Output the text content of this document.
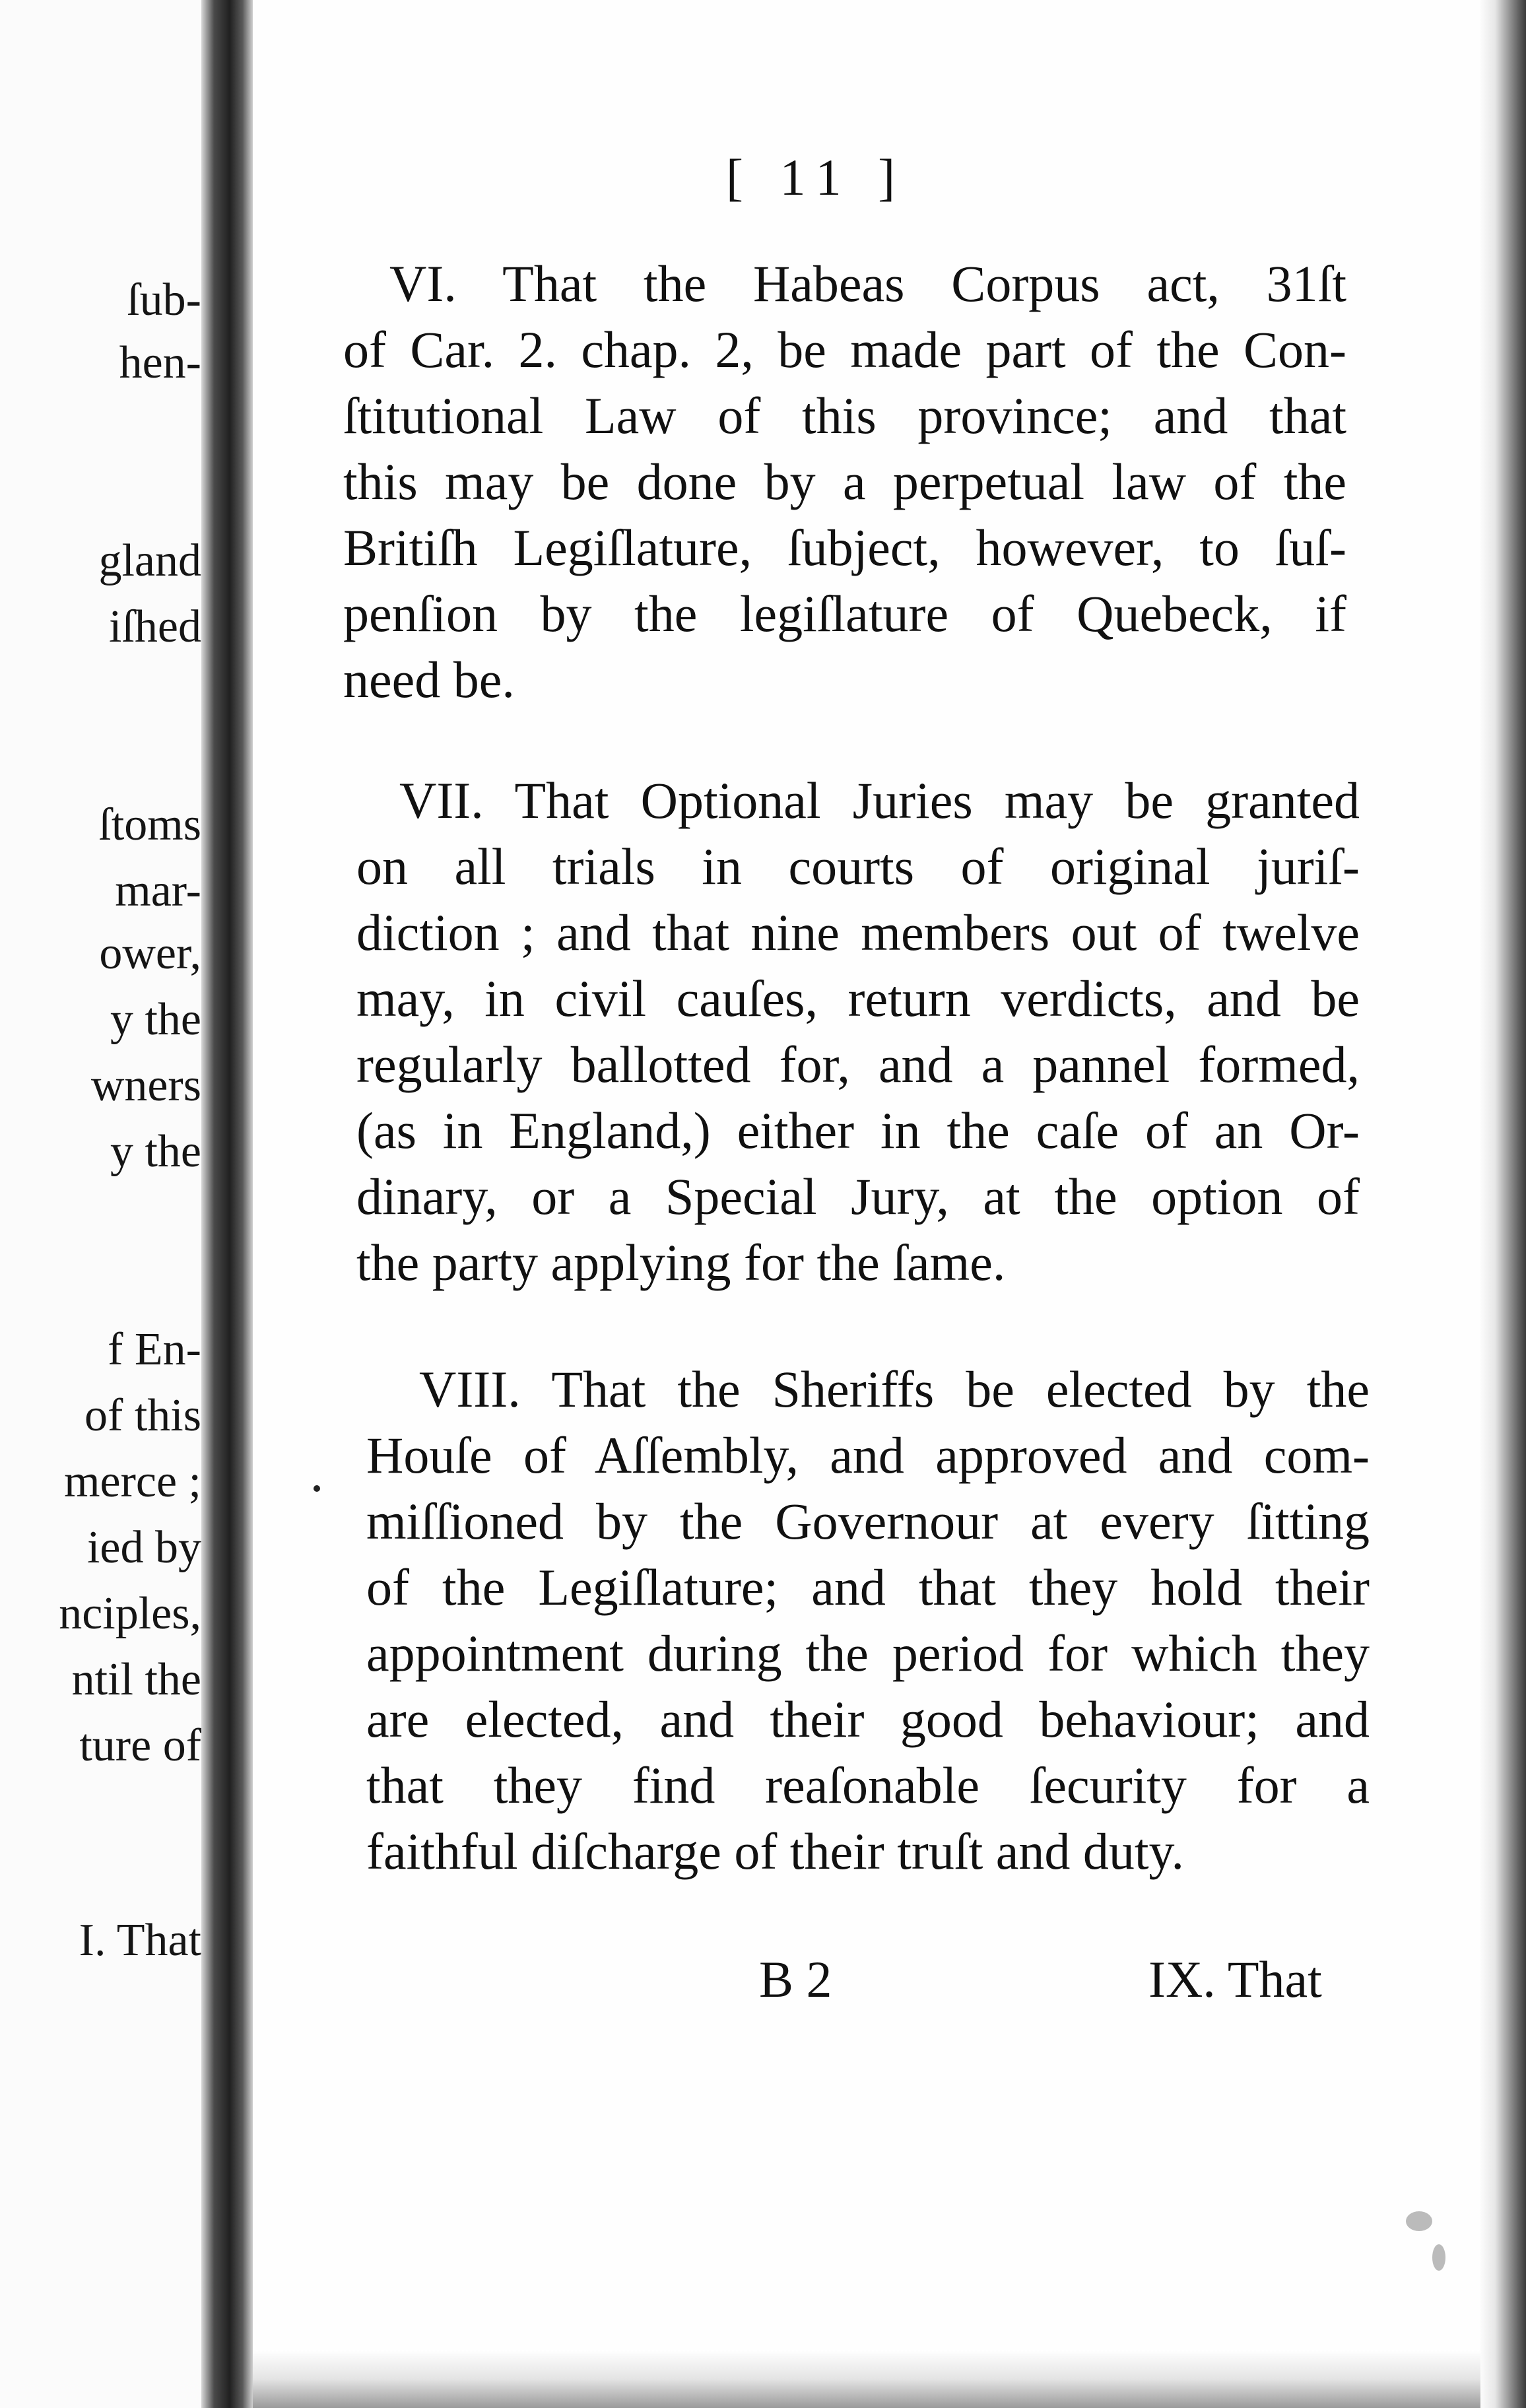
ſub-
hen-
gland
iſhed
ſtoms
mar-
ower,
y the
wners
y the
f En-
of this
merce ;
ied by
nciples,
ntil the
ture of
I. That
[ 11 ]
VI. That the Habeas Corpus act, 31ſt
of Car. 2. chap. 2, be made part of the Con-
ſtitutional Law of this province; and that
this may be done by a perpetual law of the
Britiſh Legiſlature, ſubject, however, to ſuſ-
penſion by the legiſlature of Quebeck, if
need be.
VII. That Optional Juries may be granted
on all trials in courts of original juriſ-
diction ; and that nine members out of twelve
may, in civil cauſes, return verdicts, and be
regularly ballotted for, and a pannel formed,
(as in England,) either in the caſe of an Or-
dinary, or a Special Jury, at the option of
the party applying for the ſame.
VIII. That the Sheriffs be elected by the
Houſe of Aſſembly, and approved and com-
miſſioned by the Governour at every ſitting
of the Legiſlature; and that they hold their
appointment during the period for which they
are elected, and their good behaviour; and
that they find reaſonable ſecurity for a
faithful diſcharge of their truſt and duty.
B 2	IX. That
